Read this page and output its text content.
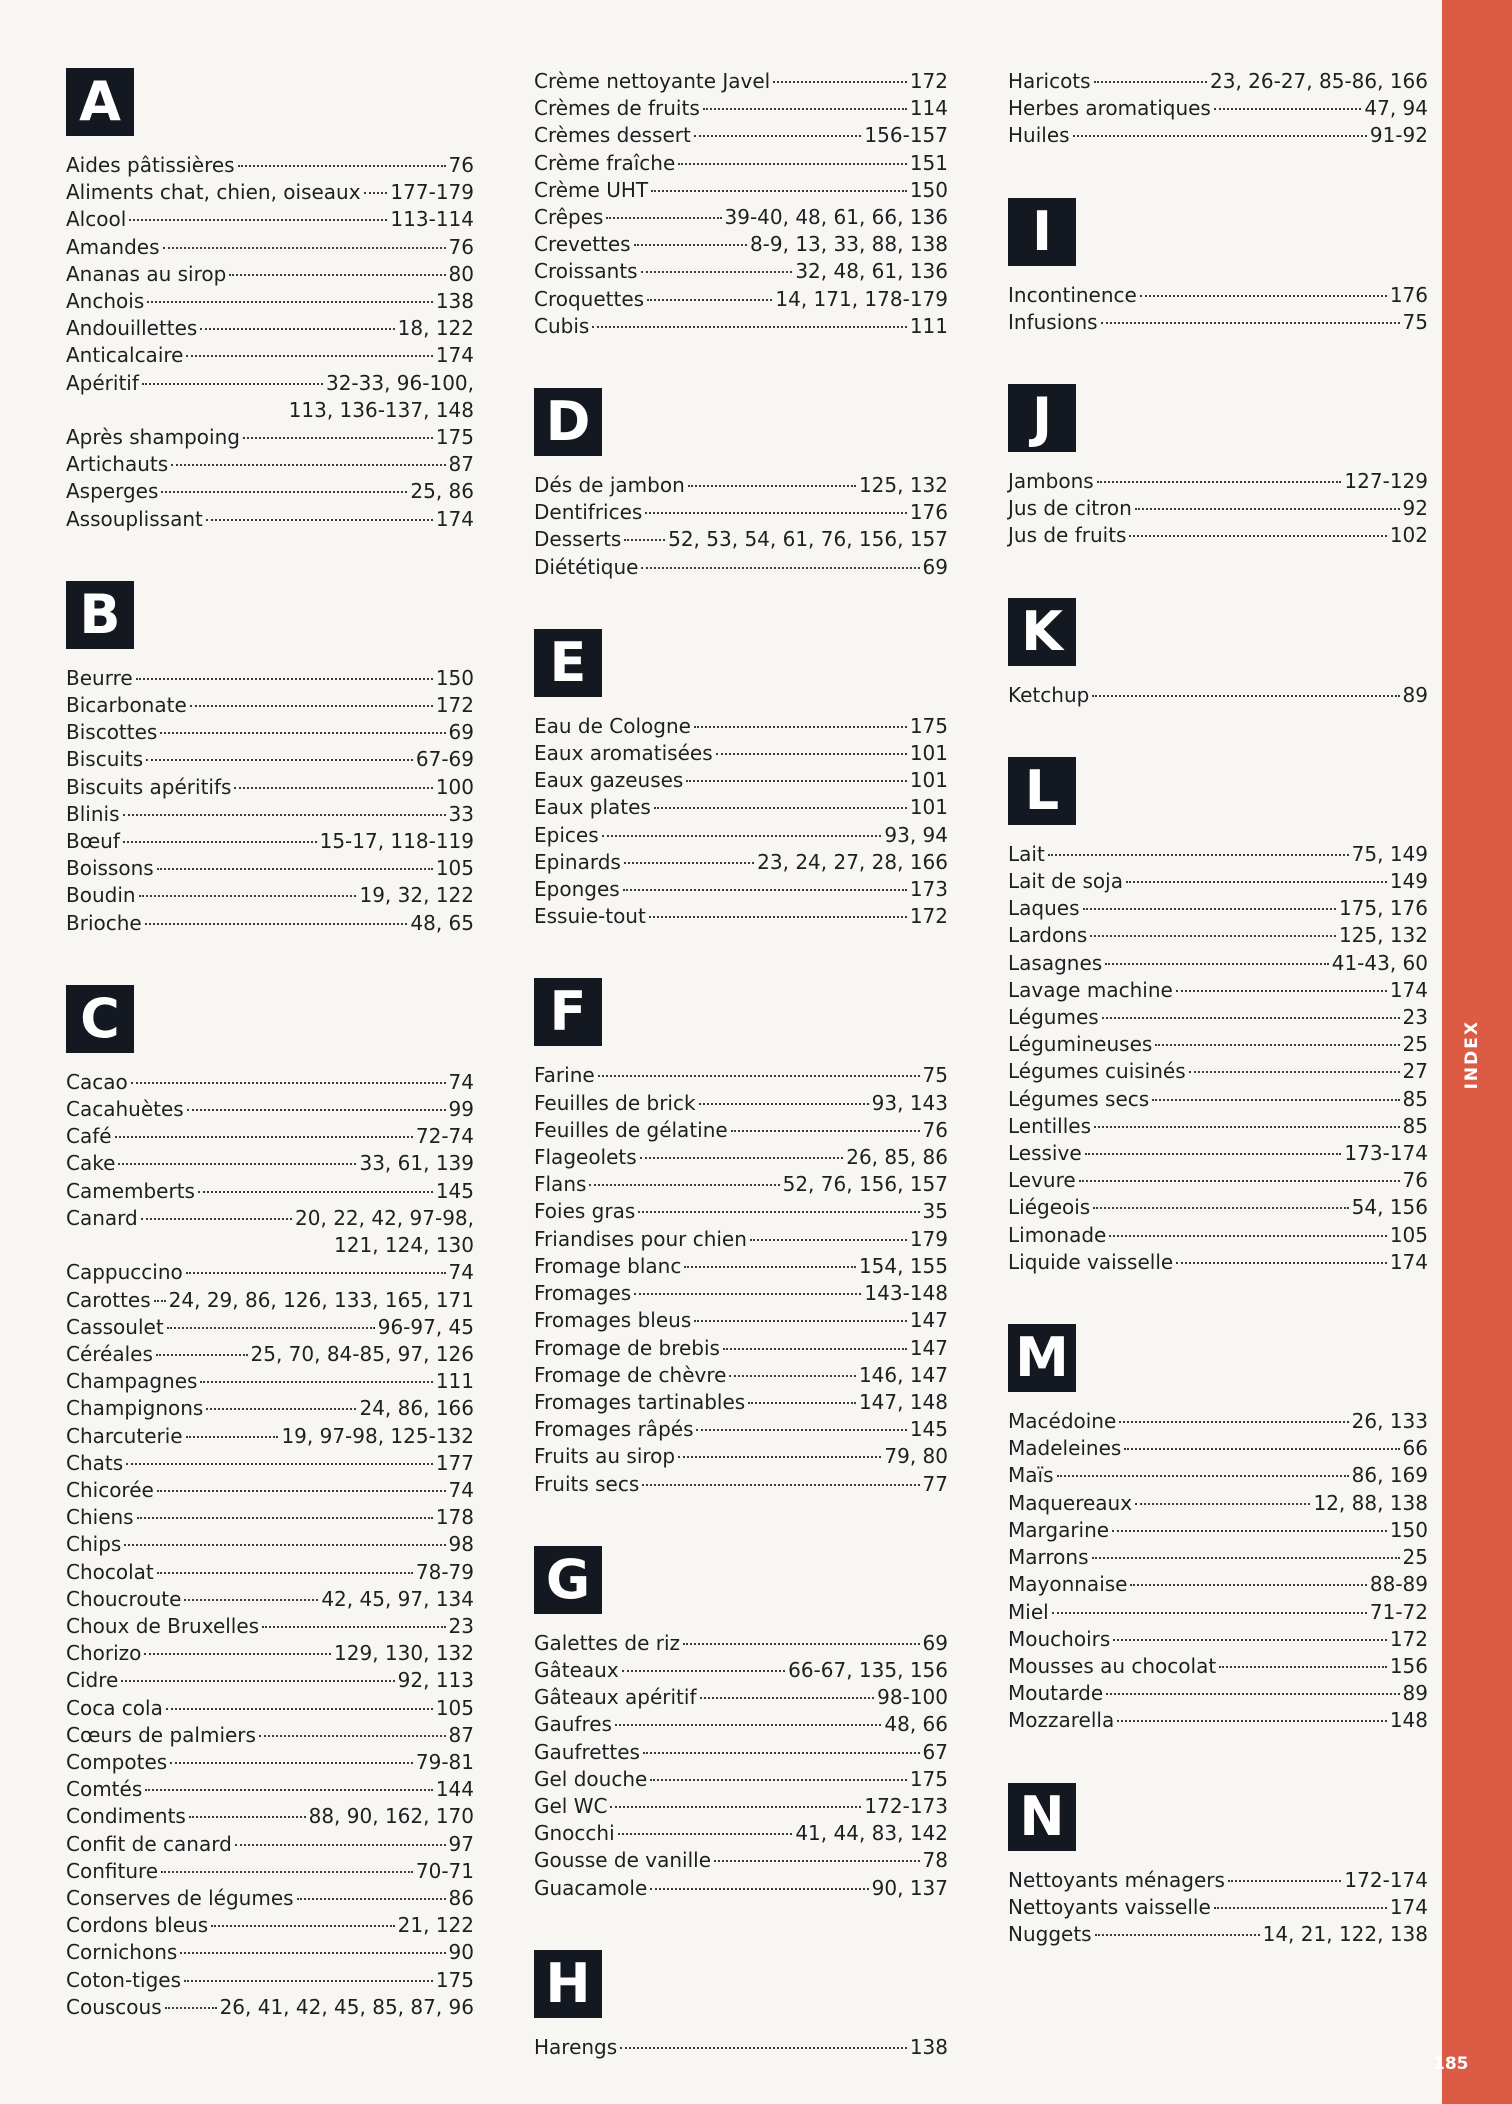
A
Aides pâtissières	76
Aliments chat, chien, oiseaux 177-179
Alcool	113-114
Amandes	76
Ananas au sirop	80
Anchois	138
Andouillettes	18, 122
Anticalcaire	174
Apéritif	32-33, 96-100,
113, 136-137, 148
Après shampoing	175
Artichauts	87
Asperges	25, 86
Assouplissant	174
B
Beurre	150
Bicarbonate	172
Biscottes	69
Biscuits	67-69
Biscuits apéritifs	100
Blinis	33
Bœuf	15-17, 118-119
Boissons	105
Boudin	19, 32, 122
Brioche	48, 65
C
Cacao	74
Cacahuètes	99
Café	72-74
Cake	33, 61, 139
Camemberts	145
Canard	20, 22, 42, 97-98,
121, 124, 130
Cappuccino	74
Carottes 24, 29, 86, 126, 133, 165, 171
Cassoulet	96-97, 45
Céréales	25, 70, 84-85, 97, 126
Champagnes	111
Champignons	24, 86, 166
Charcuterie	19, 97-98, 125-132
Chats	177
Chicorée	74
Chiens	178
Chips	98
Chocolat	78-79
Choucroute	42, 45, 97, 134
Choux de Bruxelles	23
Chorizo	129, 130, 132
Cidre	92, 113
Coca cola	105
Cœurs de palmiers	87
Compotes	79-81
Comtés	144
Condiments	88, 90, 162, 170
Confit de canard	97
Confiture	70-71
Conserves de légumes	86
Cordons bleus	21, 122
Cornichons	90
Coton-tiges	175
Couscous	26, 41, 42, 45, 85, 87, 96
Crème nettoyante Javel	172
Crèmes de fruits	114
Crèmes dessert	156-157
Crème fraîche	151
Crème UHT	150
Crêpes	39-40, 48, 61, 66, 136
Crevettes	8-9, 13, 33, 88, 138
Croissants	32, 48, 61, 136
Croquettes	14, 171, 178-179
Cubis	111
D
Dés de jambon	125, 132
Dentifrices	176
Desserts 52, 53, 54, 61, 76, 156, 157
Diététique	69
E
Eau de Cologne	175
Eaux aromatisées	101
Eaux gazeuses	101
Eaux plates	101
Epices	93, 94
Epinards	23, 24, 27, 28, 166
Eponges	173
Essuie-tout	172
F
Farine	75
Feuilles de brick	93, 143
Feuilles de gélatine	76
Flageolets	26, 85, 86
Flans	52, 76, 156, 157
Foies gras	35
Friandises pour chien	179
Fromage blanc	154, 155
Fromages	143-148
Fromages bleus	147
Fromage de brebis	147
Fromage de chèvre	146, 147
Fromages tartinables	147, 148
Fromages râpés	145
Fruits au sirop	79, 80
Fruits secs	77
G
Galettes de riz	69
Gâteaux	66-67, 135, 156
Gâteaux apéritif	98-100
Gaufres	48, 66
Gaufrettes	67
Gel douche	175
Gel WC	172-173
Gnocchi	41, 44, 83, 142
Gousse de vanille	78
Guacamole	90, 137
H
Harengs	138
Haricots	23, 26-27, 85-86, 166
Herbes aromatiques	47, 94
Huiles	91-92
I
Incontinence	176
Infusions	75
J
Jambons	127-129
Jus de citron	92
Jus de fruits	102
K
Ketchup	89
L
Lait	75, 149
Lait de soja	149
Laques	175, 176
Lardons	125, 132
Lasagnes	41-43, 60
Lavage machine	174
Légumes	23
Légumineuses	25
Légumes cuisinés	27
Légumes secs	85
Lentilles	85
Lessive	173-174
Levure	76
Liégeois	54, 156
Limonade	105
Liquide vaisselle	174
M
Macédoine	26, 133
Madeleines	66
Maïs	86, 169
Maquereaux	12, 88, 138
Margarine	150
Marrons	25
Mayonnaise	88-89
Miel	71-72
Mouchoirs	172
Mousses au chocolat	156
Moutarde	89
Mozzarella	148
N
Nettoyants ménagers	172-174
Nettoyants vaisselle	174
Nuggets	14, 21, 122, 138
INDEX
185
